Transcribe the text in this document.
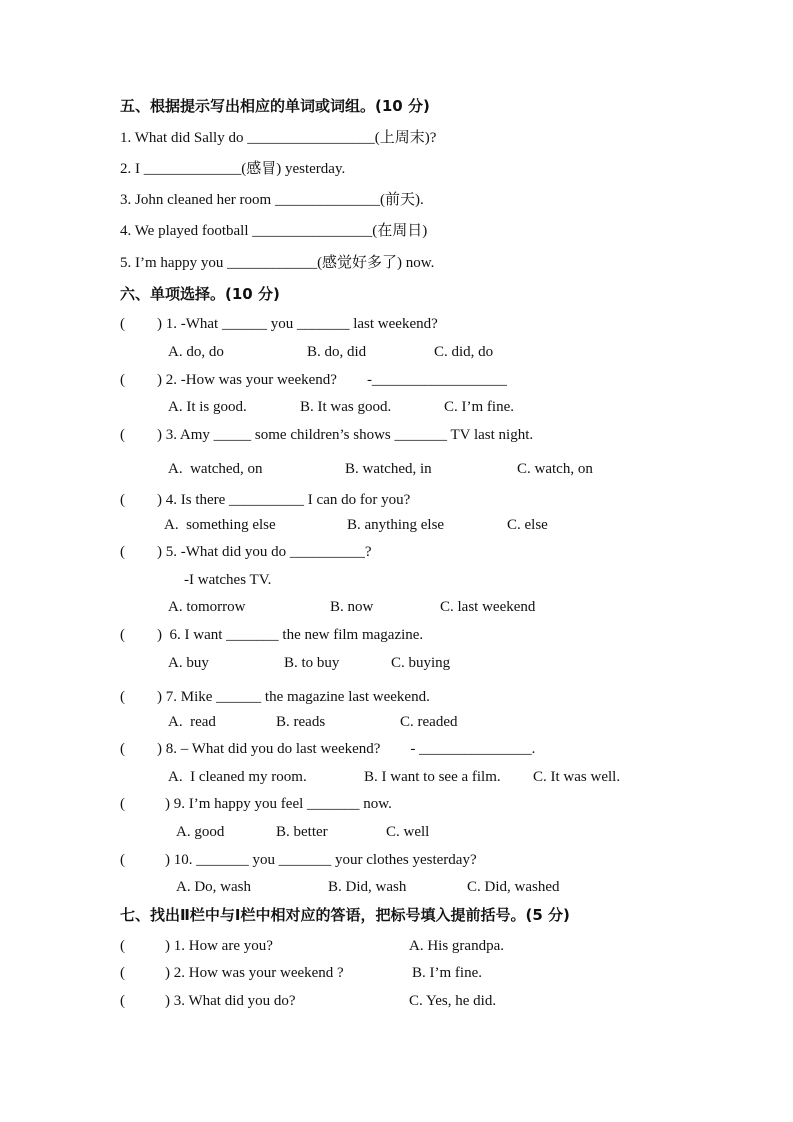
五、根据提示写出相应的单词或词组。(10 分)
1. What did Sally do _________________(上周末)?
2. I _____________(感冒) yesterday.
3. John cleaned her room ______________(前天).
4. We played football ________________(在周日)
5. I’m happy you ____________(感觉好多了) now.
六、单项选择。(10 分)
( ) 1. -What ______ you _______ last weekend?
A. do, do	B. do, did	C. did, do
( ) 2. -How was your weekend?        -__________________
A. It is good.	B. It was good.	C. I’m fine.
( ) 3. Amy _____ some children’s shows _______ TV last night.
A.  watched, on	B. watched, in	C. watch, on
( ) 4. Is there __________ I can do for you?
A.  something else	B. anything else	C. else
( ) 5. -What did you do __________?
-I watches TV.
A. tomorrow	B. now	C. last weekend
( )  6. I want _______ the new film magazine.
A. buy	B. to buy	C. buying
( ) 7. Mike ______ the magazine last weekend.
A.  read	B. reads	C. readed
( ) 8. – What did you do last weekend?        - _______________.
A.  I cleaned my room.	B. I want to see a film. C. It was well.
(	) 9. I’m happy you feel _______ now.
A. good	B. better	C. well
(	) 10. _______ you _______ your clothes yesterday?
A. Do, wash	B. Did, wash	C. Did, washed
七、找出Ⅱ栏中与Ⅰ栏中相对应的答语，把标号填入提前括号。(5 分)
(	) 1. How are you?	A. His grandpa.
(	) 2. How was your weekend ?	B. I’m fine.
(	) 3. What did you do?	C. Yes, he did.
